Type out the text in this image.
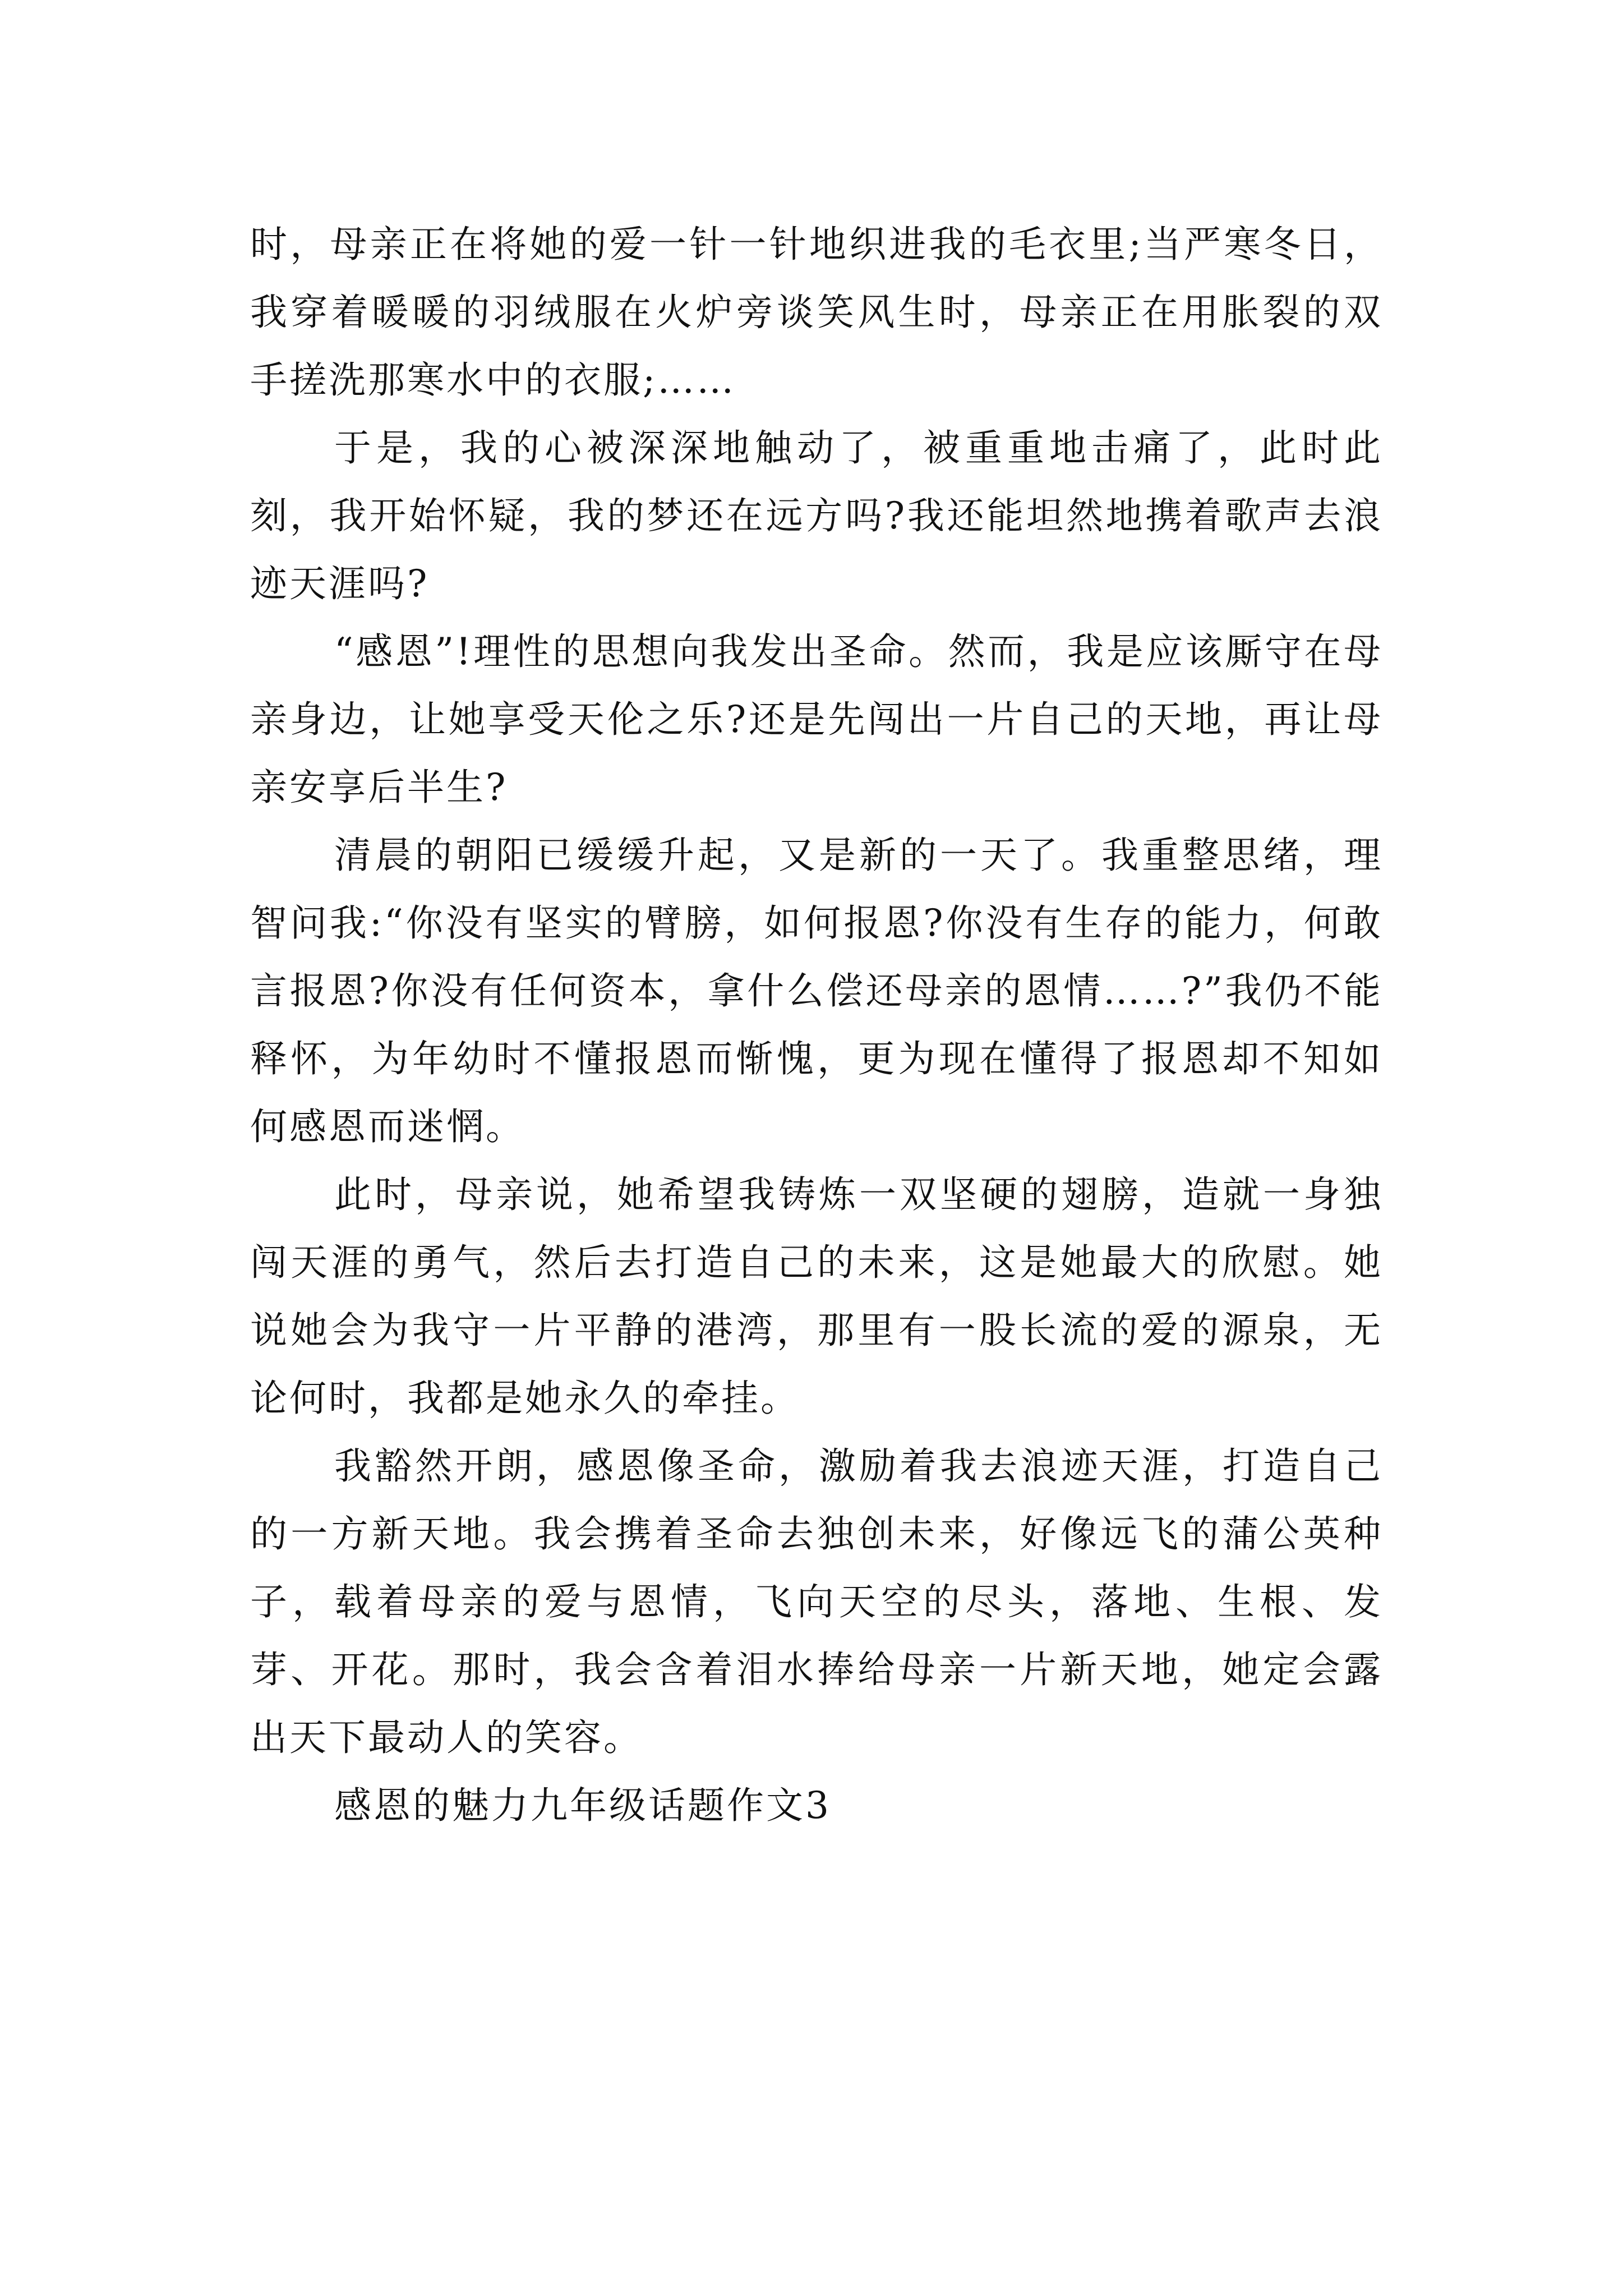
时，母亲正在将她的爱一针一针地织进我的毛衣里;当严寒冬日，我穿着暖暖的羽绒服在火炉旁谈笑风生时，母亲正在用胀裂的双手搓洗那寒水中的衣服;……

于是，我的心被深深地触动了，被重重地击痛了，此时此刻，我开始怀疑，我的梦还在远方吗?我还能坦然地携着歌声去浪迹天涯吗?

“感恩”!理性的思想向我发出圣命。然而，我是应该厮守在母亲身边，让她享受天伦之乐?还是先闯出一片自己的天地，再让母亲安享后半生?

清晨的朝阳已缓缓升起，又是新的一天了。我重整思绪，理智问我:“你没有坚实的臂膀，如何报恩?你没有生存的能力，何敢言报恩?你没有任何资本，拿什么偿还母亲的恩情……?”我仍不能释怀，为年幼时不懂报恩而惭愧，更为现在懂得了报恩却不知如何感恩而迷惘。

此时，母亲说，她希望我铸炼一双坚硬的翅膀，造就一身独闯天涯的勇气，然后去打造自己的未来，这是她最大的欣慰。她说她会为我守一片平静的港湾，那里有一股长流的爱的源泉，无论何时，我都是她永久的牵挂。

我豁然开朗，感恩像圣命，激励着我去浪迹天涯，打造自己的一方新天地。我会携着圣命去独创未来，好像远飞的蒲公英种子，载着母亲的爱与恩情，飞向天空的尽头，落地、生根、发芽、开花。那时，我会含着泪水捧给母亲一片新天地，她定会露出天下最动人的笑容。

感恩的魅力九年级话题作文3
